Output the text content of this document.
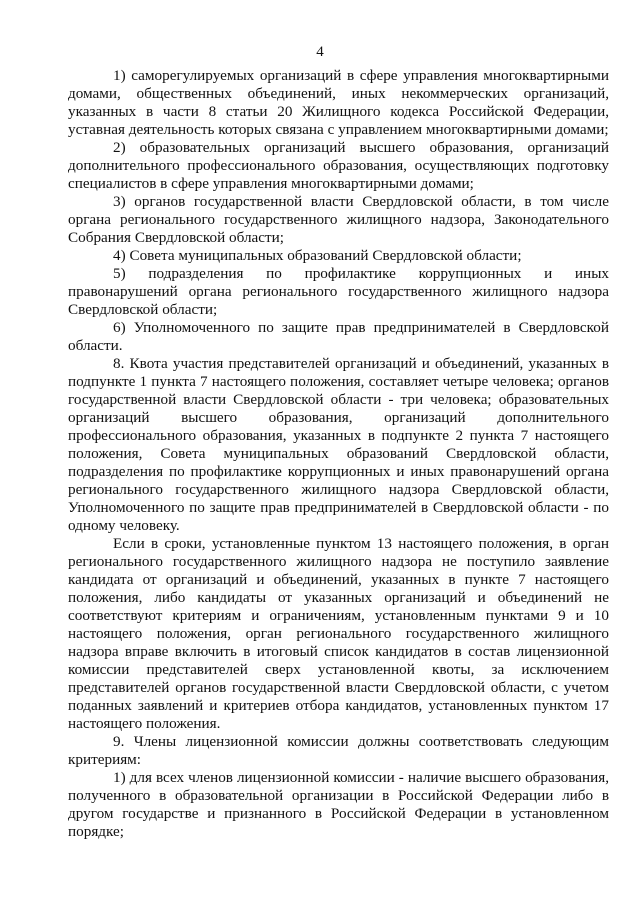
4

1) саморегулируемых организаций в сфере управления многоквартирными домами, общественных объединений, иных некоммерческих организаций, указанных в части 8 статьи 20 Жилищного кодекса Российской Федерации, уставная деятельность которых связана с управлением многоквартирными домами;

2) образовательных организаций высшего образования, организаций дополнительного профессионального образования, осуществляющих подготовку специалистов в сфере управления многоквартирными домами;

3) органов государственной власти Свердловской области, в том числе органа регионального государственного жилищного надзора, Законодательного Собрания Свердловской области;

4) Совета муниципальных образований Свердловской области;

5) подразделения по профилактике коррупционных и иных правонарушений органа регионального государственного жилищного надзора Свердловской области;

6) Уполномоченного по защите прав предпринимателей в Свердловской области.

8. Квота участия представителей организаций и объединений, указанных в подпункте 1 пункта 7 настоящего положения, составляет четыре человека; органов государственной власти Свердловской области - три человека; образовательных организаций высшего образования, организаций дополнительного профессионального образования, указанных в подпункте 2 пункта 7 настоящего положения, Совета муниципальных образований Свердловской области, подразделения по профилактике коррупционных и иных правонарушений органа регионального государственного жилищного надзора Свердловской области, Уполномоченного по защите прав предпринимателей в Свердловской области - по одному человеку.

Если в сроки, установленные пунктом 13 настоящего положения, в орган регионального государственного жилищного надзора не поступило заявление кандидата от организаций и объединений, указанных в пункте 7 настоящего положения, либо кандидаты от указанных организаций и объединений не соответствуют критериям и ограничениям, установленным пунктами 9 и 10 настоящего положения, орган регионального государственного жилищного надзора вправе включить в итоговый список кандидатов в состав лицензионной комиссии представителей сверх установленной квоты, за исключением представителей органов государственной власти Свердловской области, с учетом поданных заявлений и критериев отбора кандидатов, установленных пунктом 17 настоящего положения.

9. Члены лицензионной комиссии должны соответствовать следующим критериям:

1) для всех членов лицензионной комиссии - наличие высшего образования, полученного в образовательной организации в Российской Федерации либо в другом государстве и признанного в Российской Федерации в установленном порядке;
